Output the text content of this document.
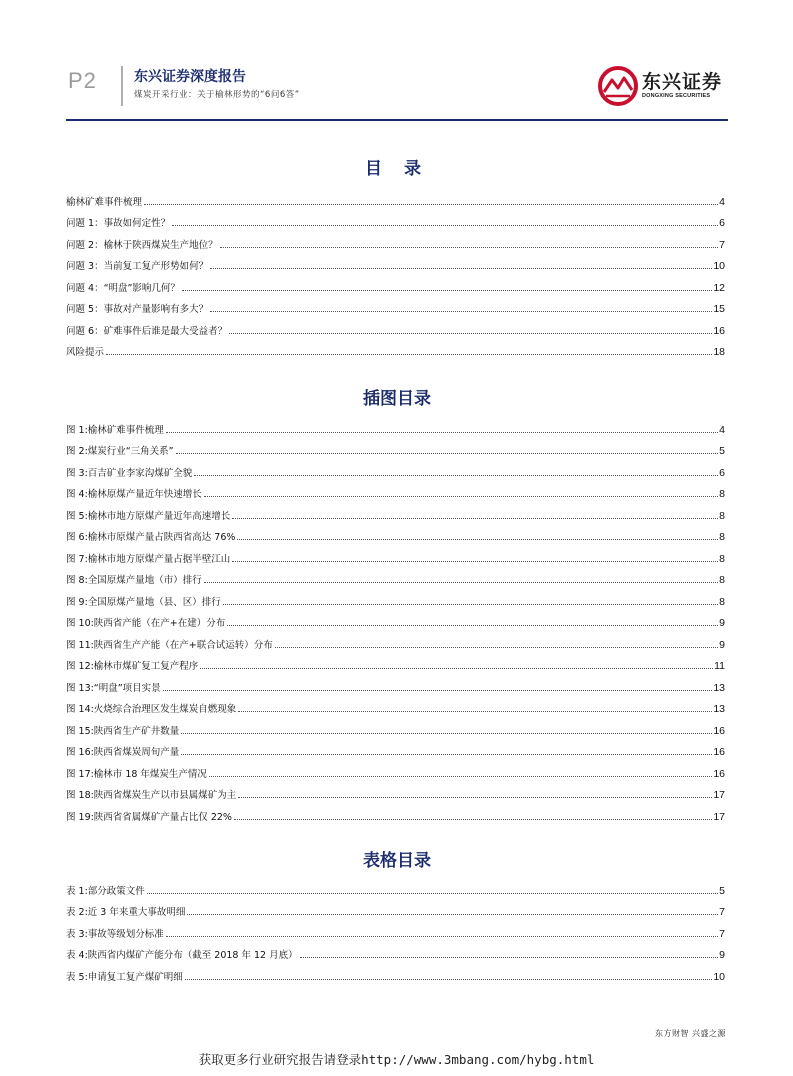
P2	东兴证券深度报告
煤炭开采行业：关于榆林形势的“6问6答”
东兴证券
DONGXING SECURITIES
目 录
榆林矿难事件梳理	4
问题 1：事故如何定性？	6
问题 2：榆林于陕西煤炭生产地位？	7
问题 3：当前复工复产形势如何？	10
问题 4：“明盘”影响几何？	12
问题 5：事故对产量影响有多大？	15
问题 6：矿难事件后谁是最大受益者？	16
风险提示	18
插图目录
图 1:榆林矿难事件梳理	4
图 2:煤炭行业“三角关系”	5
图 3:百吉矿业李家沟煤矿全貌	6
图 4:榆林原煤产量近年快速增长	8
图 5:榆林市地方原煤产量近年高速增长	8
图 6:榆林市原煤产量占陕西省高达 76%	8
图 7:榆林市地方原煤产量占据半壁江山	8
图 8:全国原煤产量地（市）排行	8
图 9:全国原煤产量地（县、区）排行	8
图 10:陕西省产能（在产+在建）分布	9
图 11:陕西省生产产能（在产+联合试运转）分布	9
图 12:榆林市煤矿复工复产程序	11
图 13:“明盘”项目实景	13
图 14:火烧综合治理区发生煤炭自燃现象	13
图 15:陕西省生产矿井数量	16
图 16:陕西省煤炭周旬产量	16
图 17:榆林市 18 年煤炭生产情况	16
图 18:陕西省煤炭生产以市县属煤矿为主	17
图 19:陕西省省属煤矿产量占比仅 22%	17
表格目录
表 1:部分政策文件	5
表 2:近 3 年来重大事故明细	7
表 3:事故等级划分标准	7
表 4:陕西省内煤矿产能分布（截至 2018 年 12 月底）	9
表 5:申请复工复产煤矿明细	10
东方财智 兴盛之源
获取更多行业研究报告请登录http://www.3mbang.com/hybg.html
